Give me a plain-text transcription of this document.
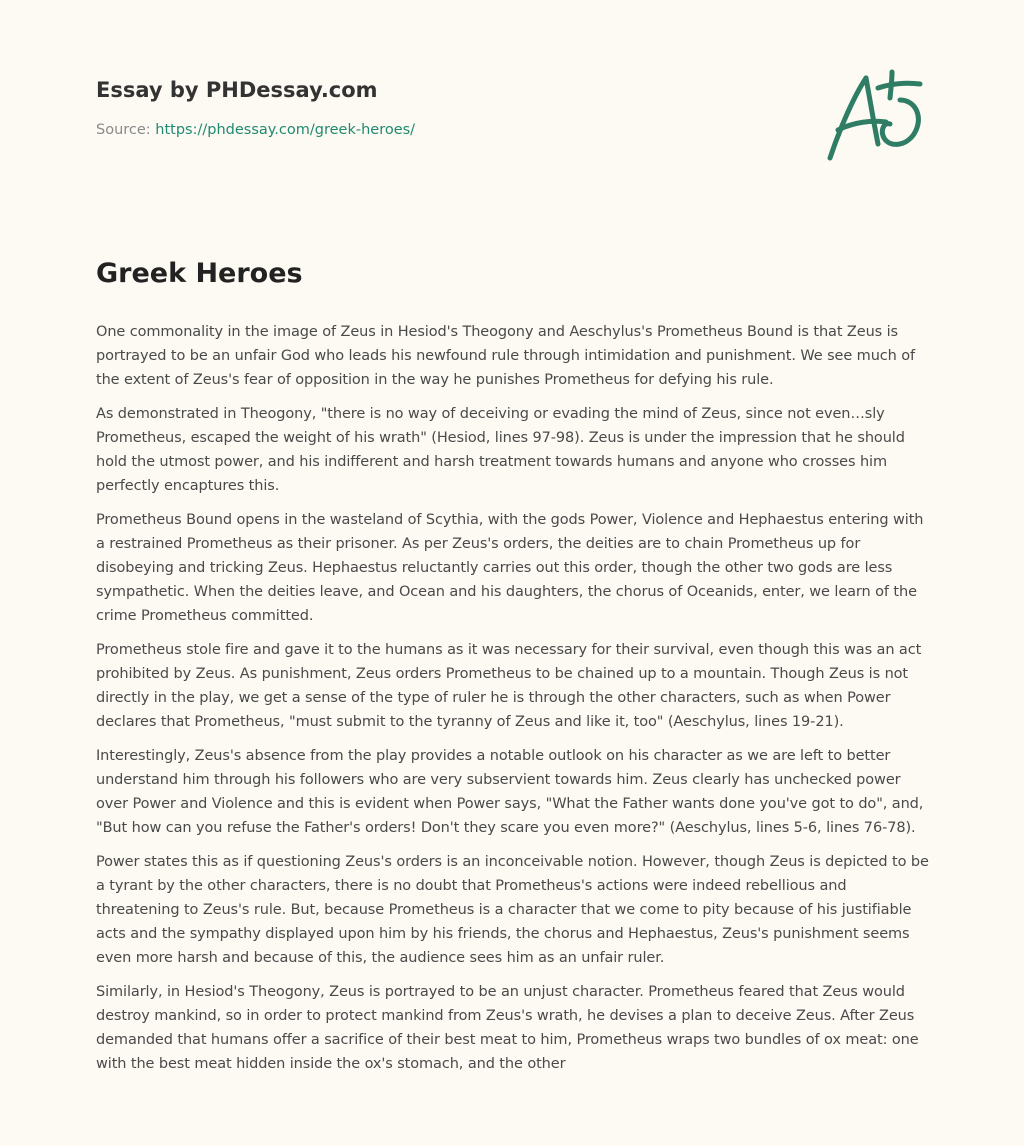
Essay by PHDessay.com
Source: https://phdessay.com/greek-heroes/
Greek Heroes

One commonality in the image of Zeus in Hesiod's Theogony and Aeschylus's Prometheus Bound is that Zeus is portrayed to be an unfair God who leads his newfound rule through intimidation and punishment. We see much of the extent of Zeus's fear of opposition in the way he punishes Prometheus for defying his rule.

As demonstrated in Theogony, "there is no way of deceiving or evading the mind of Zeus, since not even…sly Prometheus, escaped the weight of his wrath" (Hesiod, lines 97-98). Zeus is under the impression that he should hold the utmost power, and his indifferent and harsh treatment towards humans and anyone who crosses him perfectly encaptures this.

Prometheus Bound opens in the wasteland of Scythia, with the gods Power, Violence and Hephaestus entering with a restrained Prometheus as their prisoner. As per Zeus's orders, the deities are to chain Prometheus up for disobeying and tricking Zeus. Hephaestus reluctantly carries out this order, though the other two gods are less sympathetic. When the deities leave, and Ocean and his daughters, the chorus of Oceanids, enter, we learn of the crime Prometheus committed.

Prometheus stole fire and gave it to the humans as it was necessary for their survival, even though this was an act prohibited by Zeus. As punishment, Zeus orders Prometheus to be chained up to a mountain. Though Zeus is not directly in the play, we get a sense of the type of ruler he is through the other characters, such as when Power declares that Prometheus, "must submit to the tyranny of Zeus and like it, too" (Aeschylus, lines 19-21).

Interestingly, Zeus's absence from the play provides a notable outlook on his character as we are left to better understand him through his followers who are very subservient towards him. Zeus clearly has unchecked power over Power and Violence and this is evident when Power says, "What the Father wants done you've got to do", and, "But how can you refuse the Father's orders! Don't they scare you even more?" (Aeschylus, lines 5-6, lines 76-78).

Power states this as if questioning Zeus's orders is an inconceivable notion. However, though Zeus is depicted to be a tyrant by the other characters, there is no doubt that Prometheus's actions were indeed rebellious and threatening to Zeus's rule. But, because Prometheus is a character that we come to pity because of his justifiable acts and the sympathy displayed upon him by his friends, the chorus and Hephaestus, Zeus's punishment seems even more harsh and because of this, the audience sees him as an unfair ruler.

Similarly, in Hesiod's Theogony, Zeus is portrayed to be an unjust character. Prometheus feared that Zeus would destroy mankind, so in order to protect mankind from Zeus's wrath, he devises a plan to deceive Zeus. After Zeus demanded that humans offer a sacrifice of their best meat to him, Prometheus wraps two bundles of ox meat: one with the best meat hidden inside the ox's stomach, and the other
